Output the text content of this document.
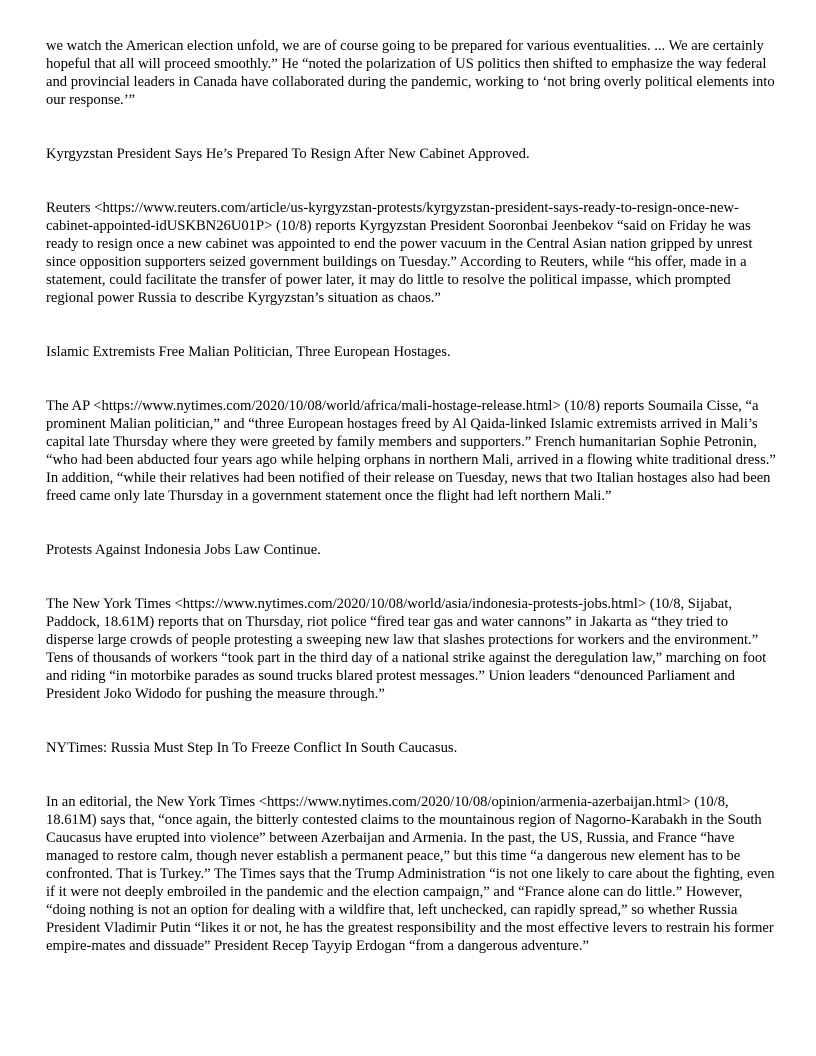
we watch the American election unfold, we are of course going to be prepared for various eventualities. ... We are certainly hopeful that all will proceed smoothly.” He “noted the polarization of US politics then shifted to emphasize the way federal and provincial leaders in Canada have collaborated during the pandemic, working to ‘not bring overly political elements into our response.’”

Kyrgyzstan President Says He’s Prepared To Resign After New Cabinet Approved.

Reuters <https://www.reuters.com/article/us-kyrgyzstan-protests/kyrgyzstan-president-says-ready-to-resign-once-new-cabinet-appointed-idUSKBN26U01P> (10/8) reports Kyrgyzstan President Sooronbai Jeenbekov “said on Friday he was ready to resign once a new cabinet was appointed to end the power vacuum in the Central Asian nation gripped by unrest since opposition supporters seized government buildings on Tuesday.” According to Reuters, while “his offer, made in a statement, could facilitate the transfer of power later, it may do little to resolve the political impasse, which prompted regional power Russia to describe Kyrgyzstan’s situation as chaos.”

Islamic Extremists Free Malian Politician, Three European Hostages.

The AP <https://www.nytimes.com/2020/10/08/world/africa/mali-hostage-release.html> (10/8) reports Soumaila Cisse, “a prominent Malian politician,” and “three European hostages freed by Al Qaida-linked Islamic extremists arrived in Mali’s capital late Thursday where they were greeted by family members and supporters.” French humanitarian Sophie Petronin, “who had been abducted four years ago while helping orphans in northern Mali, arrived in a flowing white traditional dress.” In addition, “while their relatives had been notified of their release on Tuesday, news that two Italian hostages also had been freed came only late Thursday in a government statement once the flight had left northern Mali.”

Protests Against Indonesia Jobs Law Continue.

The New York Times <https://www.nytimes.com/2020/10/08/world/asia/indonesia-protests-jobs.html> (10/8, Sijabat, Paddock, 18.61M) reports that on Thursday, riot police “fired tear gas and water cannons” in Jakarta as “they tried to disperse large crowds of people protesting a sweeping new law that slashes protections for workers and the environment.” Tens of thousands of workers “took part in the third day of a national strike against the deregulation law,” marching on foot and riding “in motorbike parades as sound trucks blared protest messages.” Union leaders “denounced Parliament and President Joko Widodo for pushing the measure through.”

NYTimes: Russia Must Step In To Freeze Conflict In South Caucasus.

In an editorial, the New York Times <https://www.nytimes.com/2020/10/08/opinion/armenia-azerbaijan.html> (10/8, 18.61M) says that, “once again, the bitterly contested claims to the mountainous region of Nagorno-Karabakh in the South Caucasus have erupted into violence” between Azerbaijan and Armenia. In the past, the US, Russia, and France “have managed to restore calm, though never establish a permanent peace,” but this time “a dangerous new element has to be confronted. That is Turkey.” The Times says that the Trump Administration “is not one likely to care about the fighting, even if it were not deeply embroiled in the pandemic and the election campaign,” and “France alone can do little.” However, “doing nothing is not an option for dealing with a wildfire that, left unchecked, can rapidly spread,” so whether Russia President Vladimir Putin “likes it or not, he has the greatest responsibility and the most effective levers to restrain his former empire-mates and dissuade” President Recep Tayyip Erdogan “from a dangerous adventure.”
